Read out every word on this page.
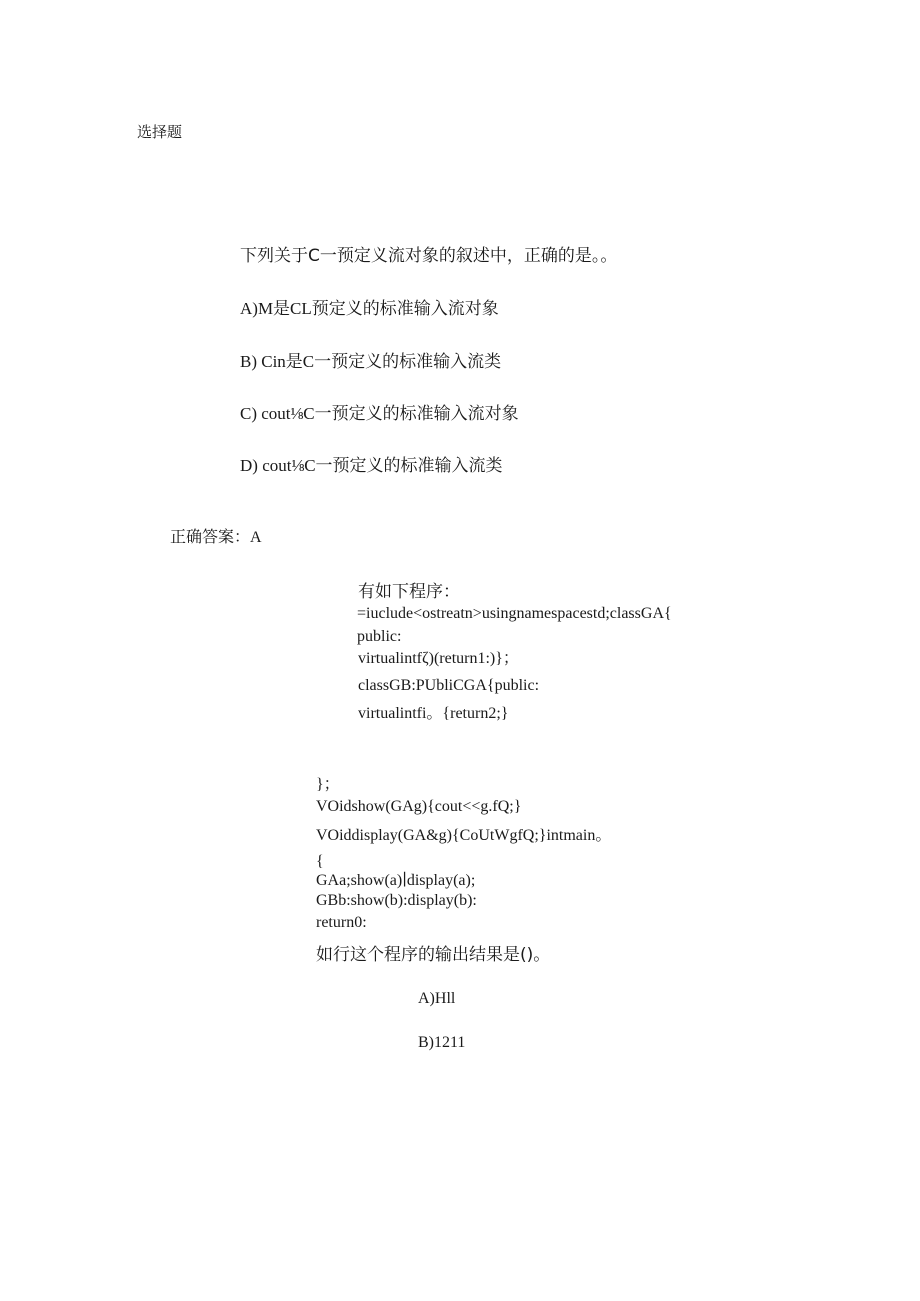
选择题
下列关于C一预定义流对象的叙述中，正确的是。。
A)M是CL预定义的标准输入流对象
B) Cin是C一预定义的标准输入流类
C) cout⅛C一预定义的标准输入流对象
D) cout⅛C一预定义的标准输入流类
正确答案：A
有如下程序：
=iuclude<ostreatn>usingnamespacestd;classGA{
public:
virtualintfζ)(return1:)}；
classGB:PUbliCGA{public:
virtualintfi。{return2;}
}；
VOidshow(GAg){cout<<g.fQ;}
VOiddisplay(GA&g){CoUtWgfQ;}intmain。
{
GAa;show(a)∣display(a);
GBb:show(b):display(b):
return0:
如行这个程序的输出结果是()。
A)Hll
B)1211
